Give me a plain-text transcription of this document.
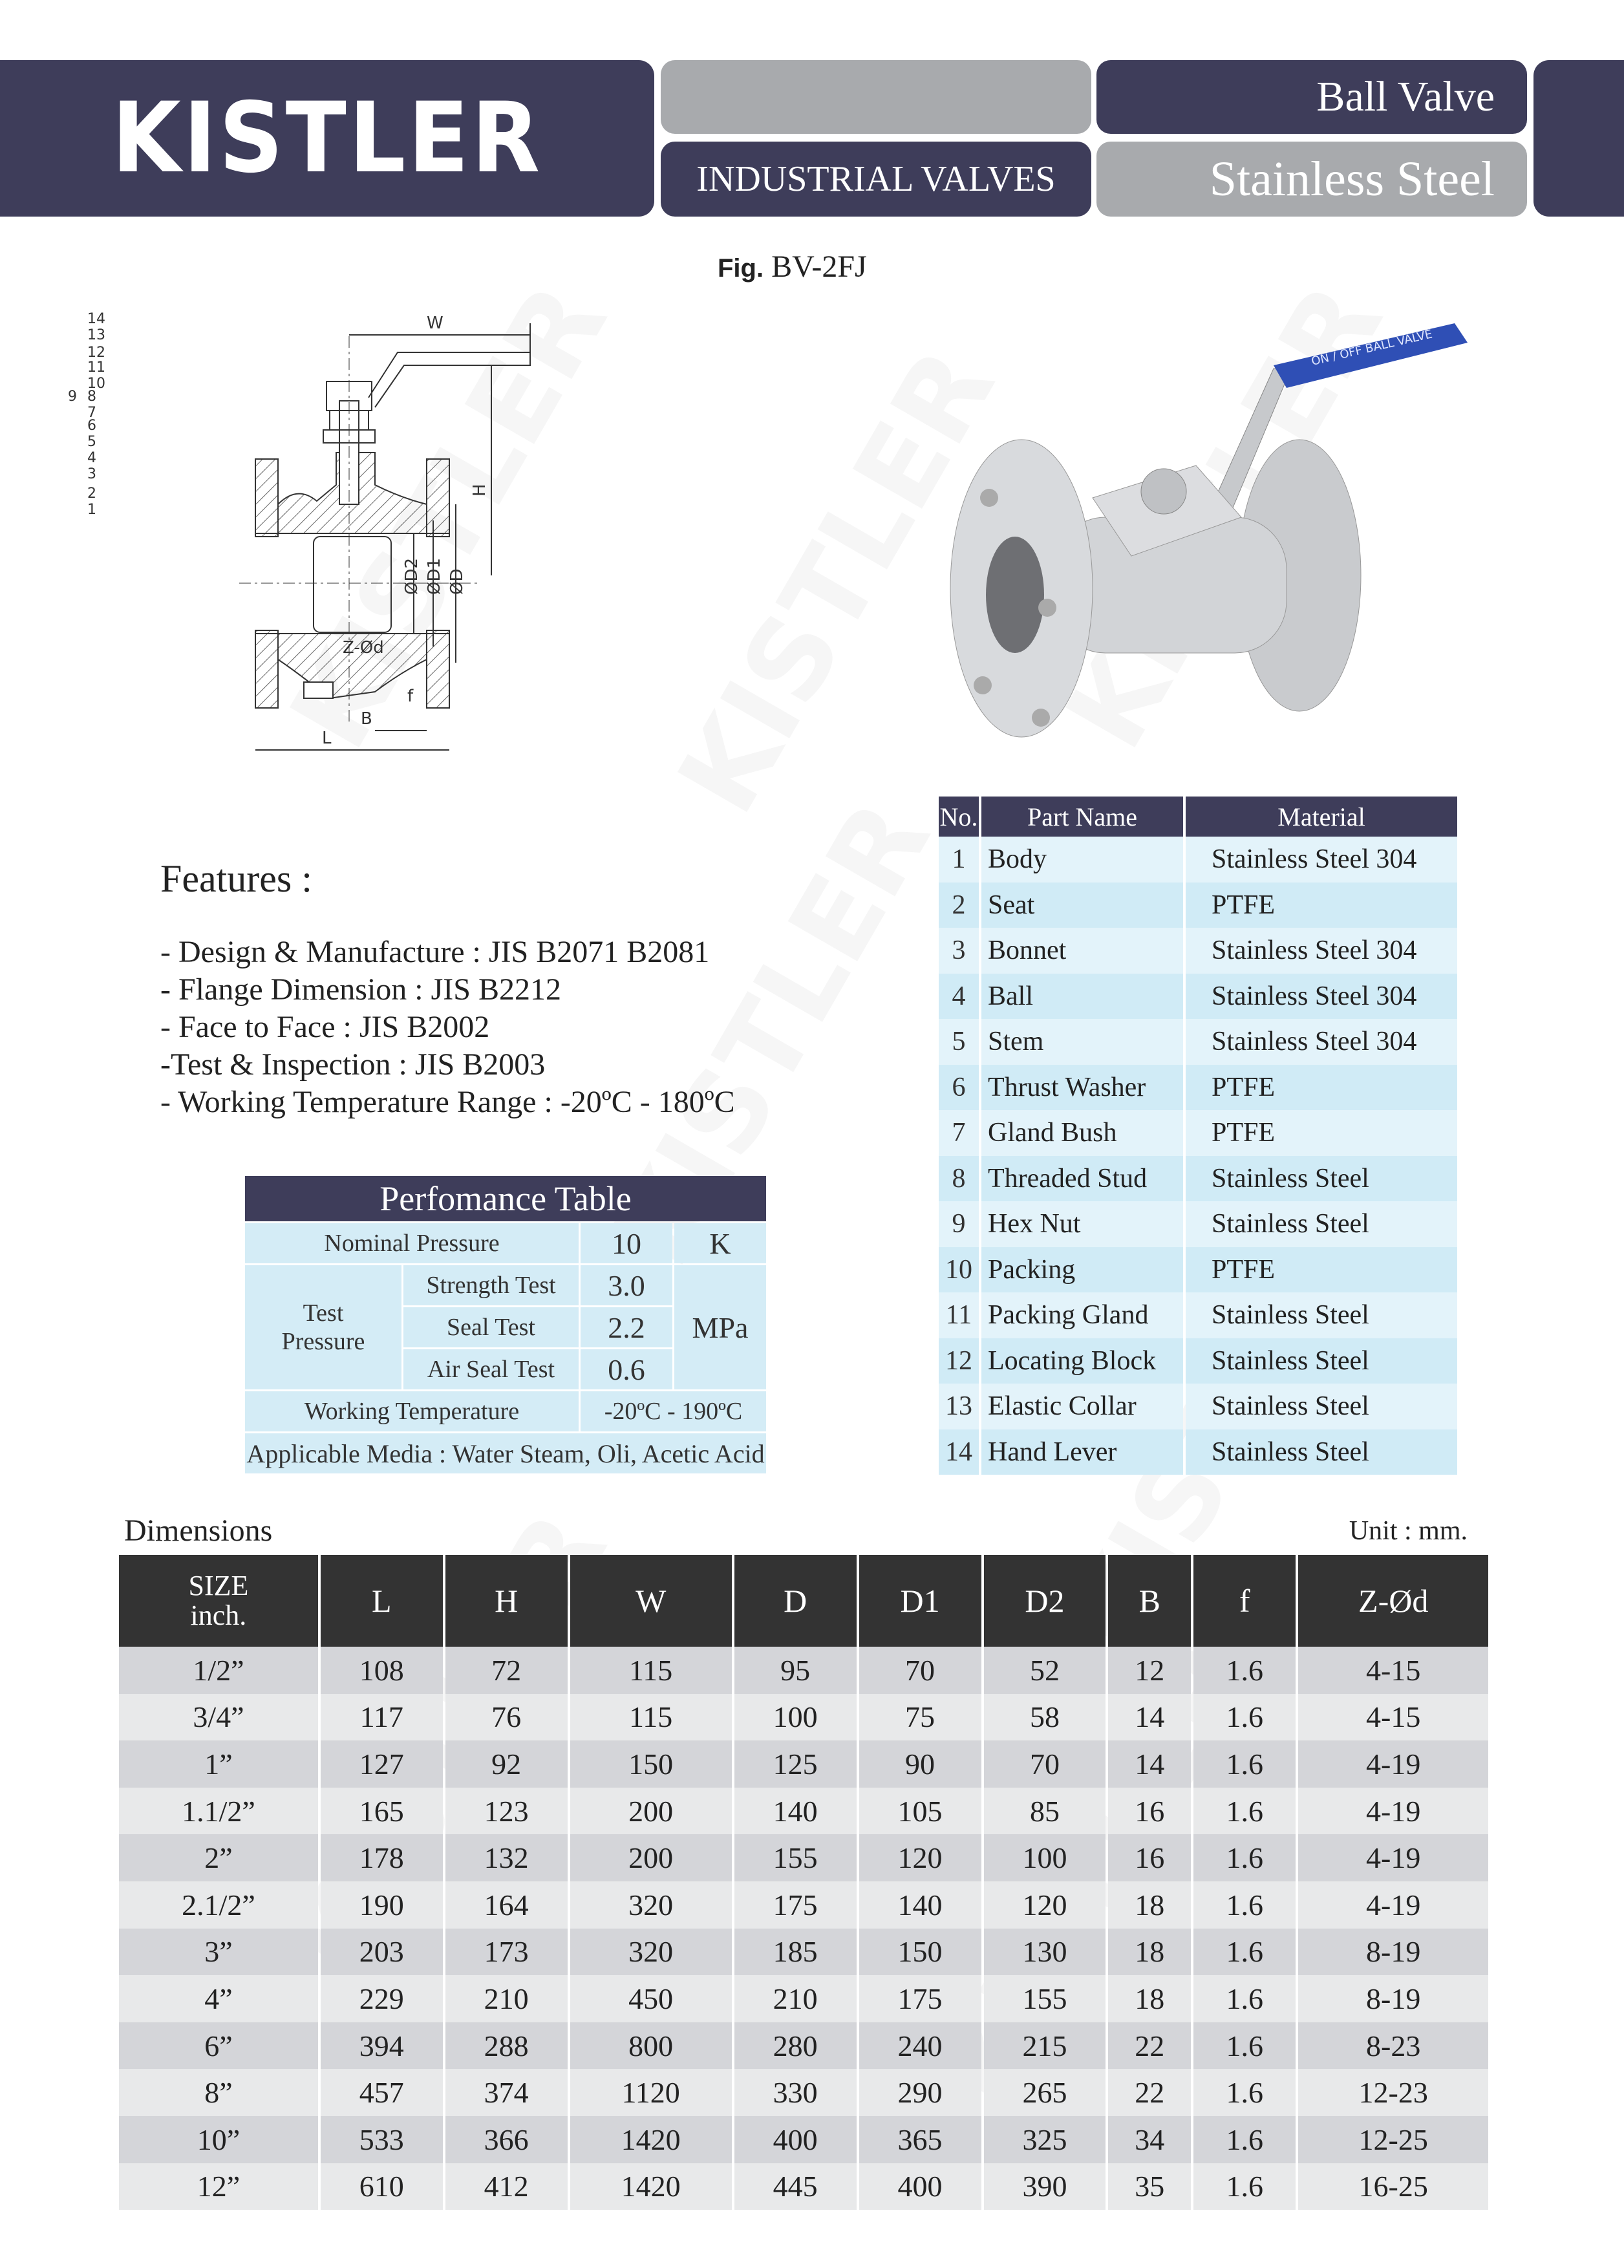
KISTLER	INDUSTRIAL VALVES
Ball Valve
Stainless Steel
Fig. BV-2FJ
W
H
ØD2 ØD1 ØD
Z-Ød
L
B
f
14
13
12
11
10
9 8
7
6
5
4
3
2
1
ON / OFF BALL VALVE
Features :
- Design & Manufacture : JIS B2071 B2081
- Flange Dimension : JIS B2212
- Face to Face : JIS B2002
-Test & Inspection : JIS B2003
- Working Temperature Range : -20ºC - 180ºC
No.	Part Name	Material
1	Body	Stainless Steel 304
2	Seat	PTFE
3	Bonnet	Stainless Steel 304
4	Ball	Stainless Steel 304
5	Stem	Stainless Steel 304
6	Thrust Washer	PTFE
7	Gland Bush	PTFE
8	Threaded Stud	Stainless Steel
9	Hex Nut	Stainless Steel
10	Packing	PTFE
11	Packing Gland	Stainless Steel
12	Locating Block	Stainless Steel
13	Elastic Collar	Stainless Steel
14	Hand Lever	Stainless Steel
Perfomance Table			
Nominal Pressure		10	K

Test
Pressure	Strength Test	3.0	MPa
	Seal Test	2.2	
	Air Seal Test	0.6	
Working Temperature		-20ºC - 190ºC	
Applicable Media : Water Steam, Oli, Acetic Acid			
Dimensions	Unit : mm.
SIZE
inch.	L	H	W	D	D1	D2	B	f	Z-Ød
1/2”	108	72	115	95	70	52	12	1.6	4-15
3/4”	117	76	115	100	75	58	14	1.6	4-15
1”	127	92	150	125	90	70	14	1.6	4-19
1.1/2”	165	123	200	140	105	85	16	1.6	4-19
2”	178	132	200	155	120	100	16	1.6	4-19
2.1/2”	190	164	320	175	140	120	18	1.6	4-19
3”	203	173	320	185	150	130	18	1.6	8-19
4”	229	210	450	210	175	155	18	1.6	8-19
6”	394	288	800	280	240	215	22	1.6	8-23
8”	457	374	1120	330	290	265	22	1.6	12-23
10”	533	366	1420	400	365	325	34	1.6	12-25
12”	610	412	1420	445	400	390	35	1.6	16-25
